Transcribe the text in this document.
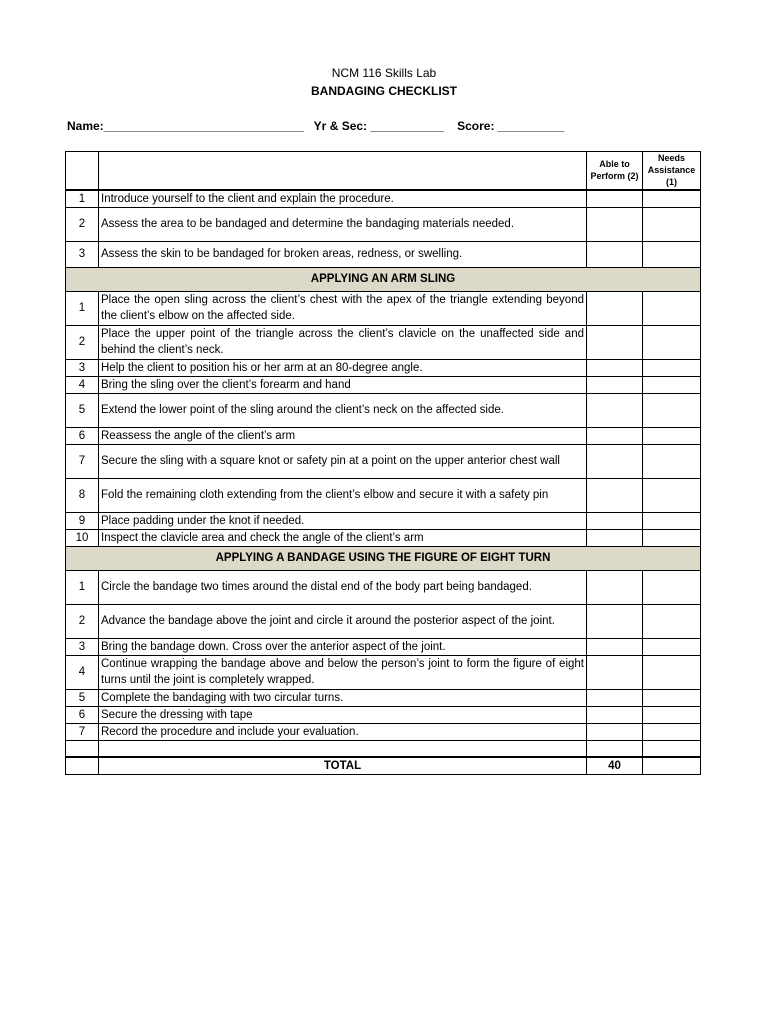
NCM 116 Skills Lab
BANDAGING CHECKLIST
Name:______________________________   Yr & Sec: ___________    Score: __________
		Able to Perform (2)	Needs Assistance (1)
1	Introduce yourself to the client and explain the procedure.		
2	Assess the area to be bandaged and determine the bandaging materials needed.		
3	Assess the skin to be bandaged for broken areas, redness, or swelling.		
APPLYING AN ARM SLING			
1	Place the open sling across the client’s chest with the apex of the triangle extending beyond the client’s elbow on the affected side.		
2	Place the upper point of the triangle across the client’s clavicle on the unaffected side and behind the client’s neck.		
3	Help the client to position his or her arm at an 80-degree angle.		
4	Bring the sling over the client’s forearm and hand		
5	Extend the lower point of the sling around the client’s neck on the affected side.		
6	Reassess the angle of the client’s arm		
7	Secure the sling with a square knot or safety pin at a point on the upper anterior chest wall		
8	Fold the remaining cloth extending from the client’s elbow and secure it with a safety pin		
9	Place padding under the knot if needed.		
10	Inspect the clavicle area and check the angle of the client’s arm		
APPLYING A BANDAGE USING THE FIGURE OF EIGHT TURN			
1	Circle the bandage two times around the distal end of the body part being bandaged.		
2	Advance the bandage above the joint and circle it around the posterior aspect of the joint.		
3	Bring the bandage down. Cross over the anterior aspect of the joint.		
4	Continue wrapping the bandage above and below the person’s joint to form the figure of eight turns until the joint is completely wrapped.		
5	Complete the bandaging with two circular turns.		
6	Secure the dressing with tape		
7	Record the procedure and include your evaluation.		

	TOTAL	40	
